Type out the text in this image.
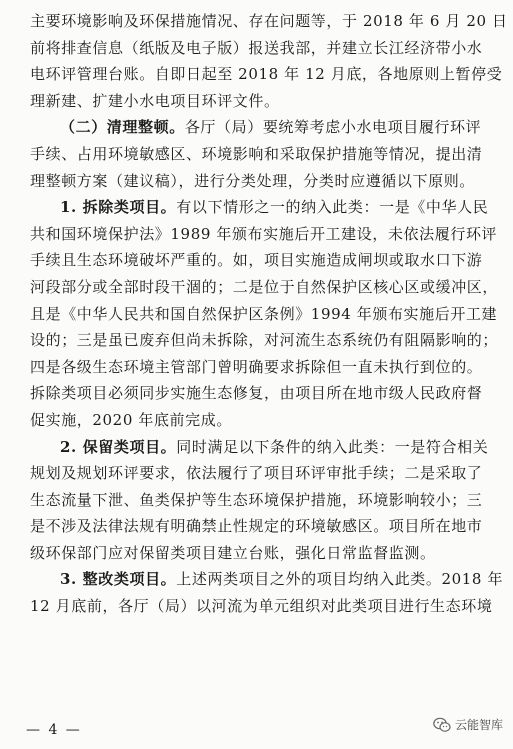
主要环境影响及环保措施情况、存在问题等，于 2018 年 6 月 20 日
前将排查信息（纸版及电子版）报送我部，并建立长江经济带小水
电环评管理台账。自即日起至 2018 年 12 月底，各地原则上暂停受
理新建、扩建小水电项目环评文件。
（二）清理整顿。各厅（局）要统筹考虑小水电项目履行环评
手续、占用环境敏感区、环境影响和采取保护措施等情况，提出清
理整顿方案（建议稿），进行分类处理，分类时应遵循以下原则。
1. 拆除类项目。有以下情形之一的纳入此类：一是《中华人民
共和国环境保护法》1989 年颁布实施后开工建设，未依法履行环评
手续且生态环境破坏严重的。如，项目实施造成闸坝或取水口下游
河段部分或全部时段干涸的；二是位于自然保护区核心区或缓冲区，
且是《中华人民共和国自然保护区条例》1994 年颁布实施后开工建
设的；三是虽已废弃但尚未拆除，对河流生态系统仍有阻隔影响的；
四是各级生态环境主管部门曾明确要求拆除但一直未执行到位的。
拆除类项目必须同步实施生态修复，由项目所在地市级人民政府督
促实施，2020 年底前完成。
2. 保留类项目。同时满足以下条件的纳入此类：一是符合相关
规划及规划环评要求，依法履行了项目环评审批手续；二是采取了
生态流量下泄、鱼类保护等生态环境保护措施，环境影响较小；三
是不涉及法律法规有明确禁止性规定的环境敏感区。项目所在地市
级环保部门应对保留类项目建立台账，强化日常监督监测。
3. 整改类项目。上述两类项目之外的项目均纳入此类。2018 年
12 月底前，各厅（局）以河流为单元组织对此类项目进行生态环境
— 4 —	云能智库
